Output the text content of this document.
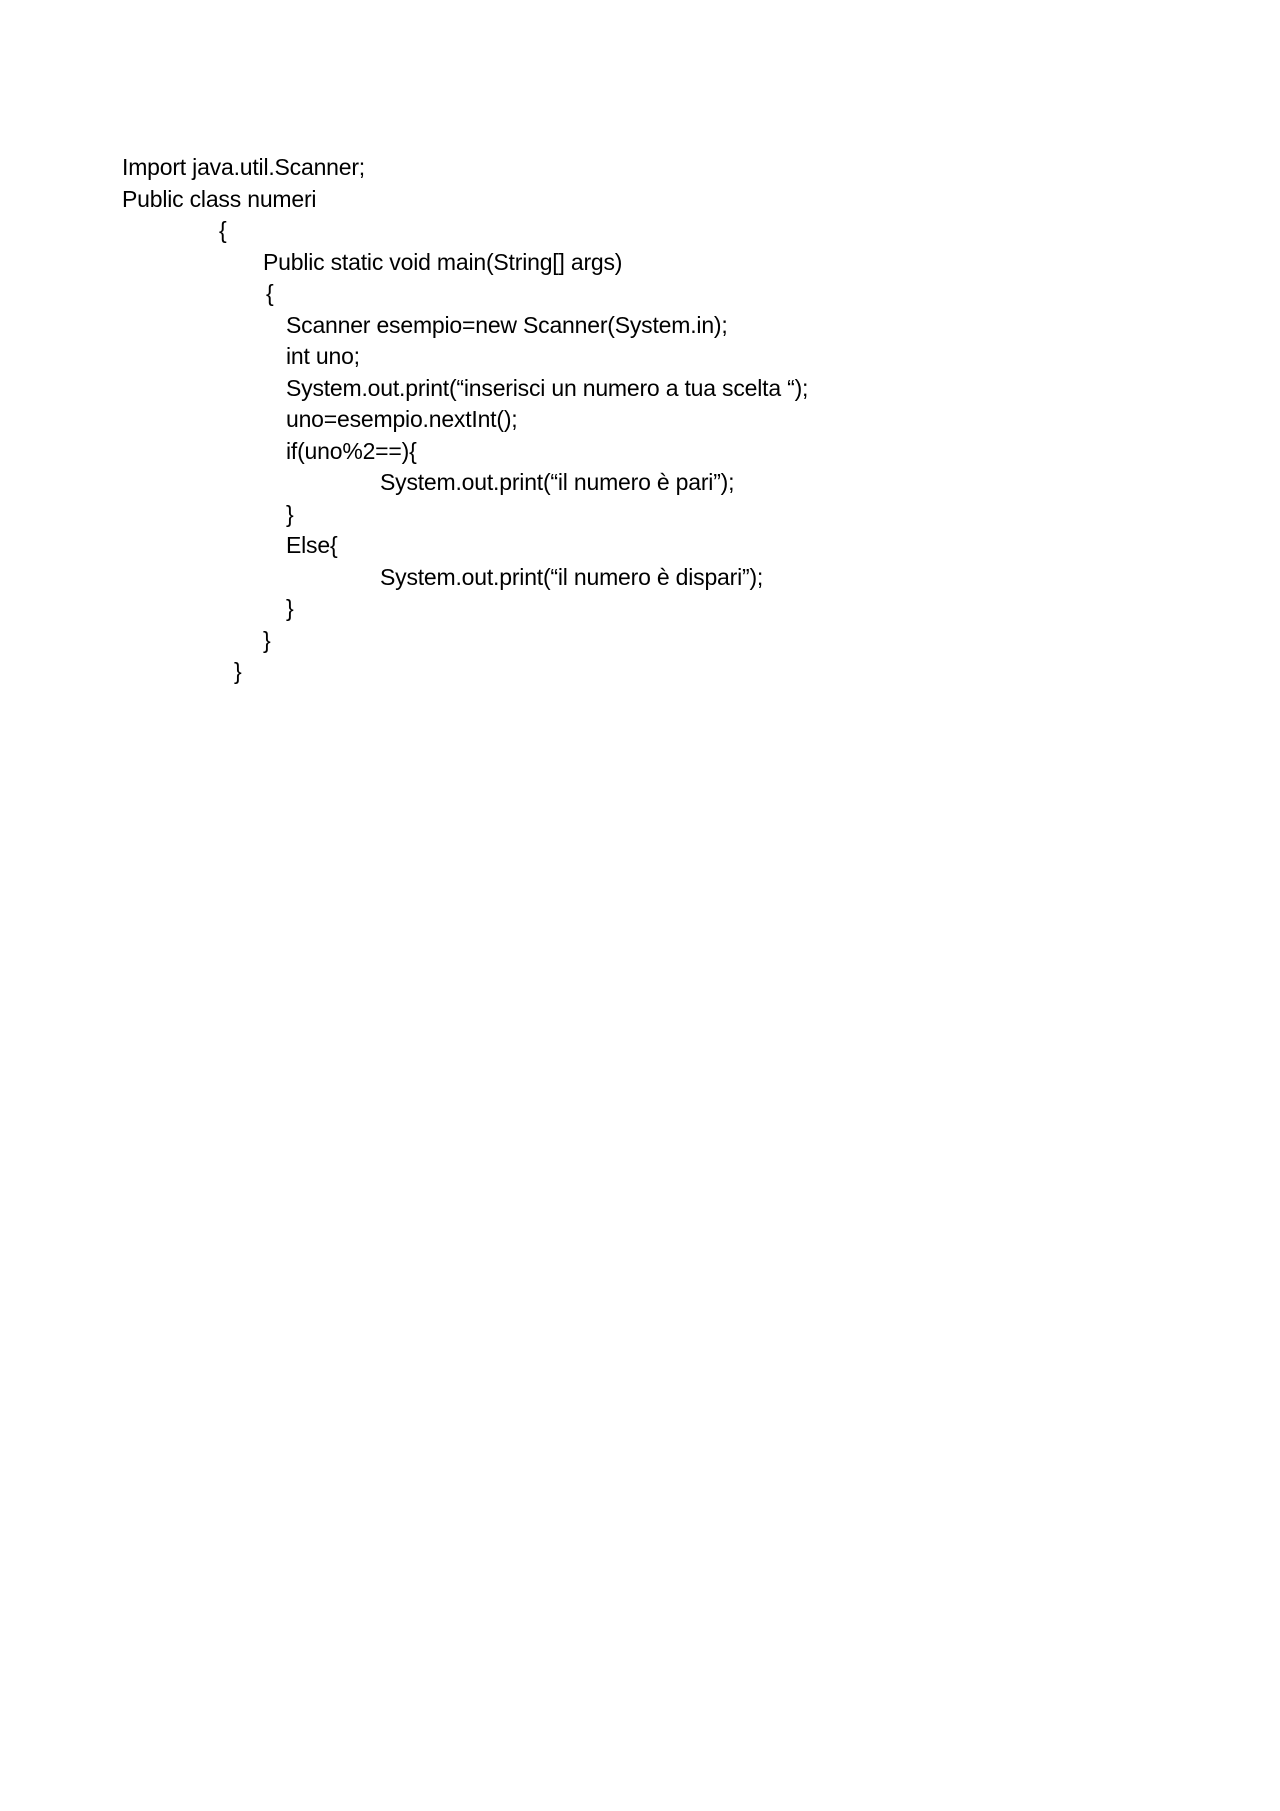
Import java.util.Scanner;
Public class numeri
{
Public static void main(String[] args)
{
Scanner esempio=new Scanner(System.in);
int uno;
System.out.print(“inserisci un numero a tua scelta “);
uno=esempio.nextInt();
if(uno%2==){
System.out.print(“il numero è pari”);
}
Else{
System.out.print(“il numero è dispari”);
}
}
}
